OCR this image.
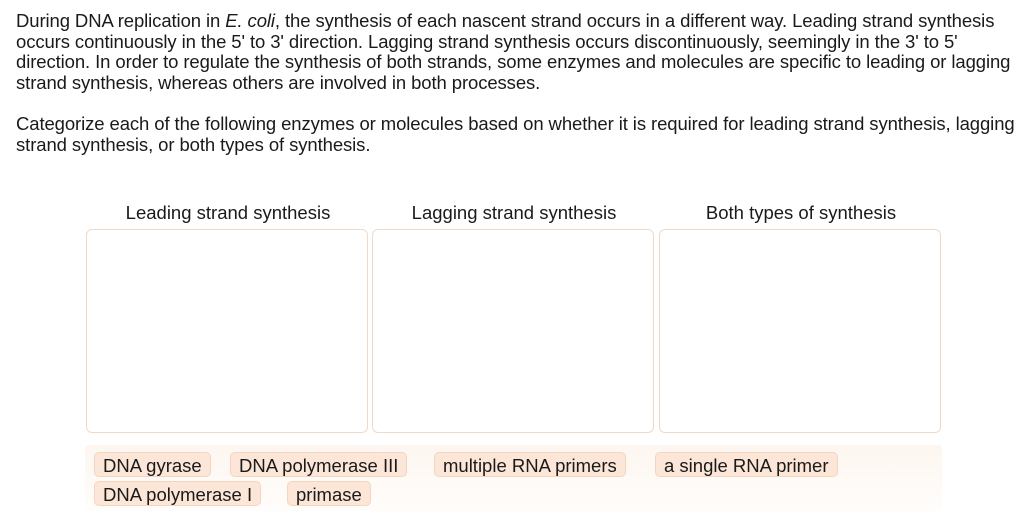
During DNA replication in E. coli, the synthesis of each nascent strand occurs in a different way. Leading strand synthesis occurs continuously in the 5' to 3' direction. Lagging strand synthesis occurs discontinuously, seemingly in the 3' to 5' direction. In order to regulate the synthesis of both strands, some enzymes and molecules are specific to leading or lagging strand synthesis, whereas others are involved in both processes.

Categorize each of the following enzymes or molecules based on whether it is required for leading strand synthesis, lagging strand synthesis, or both types of synthesis.

Leading strand synthesis	Lagging strand synthesis	Both types of synthesis
DNA gyrase	DNA polymerase III	multiple RNA primers	a single RNA primer
DNA polymerase I	primase
